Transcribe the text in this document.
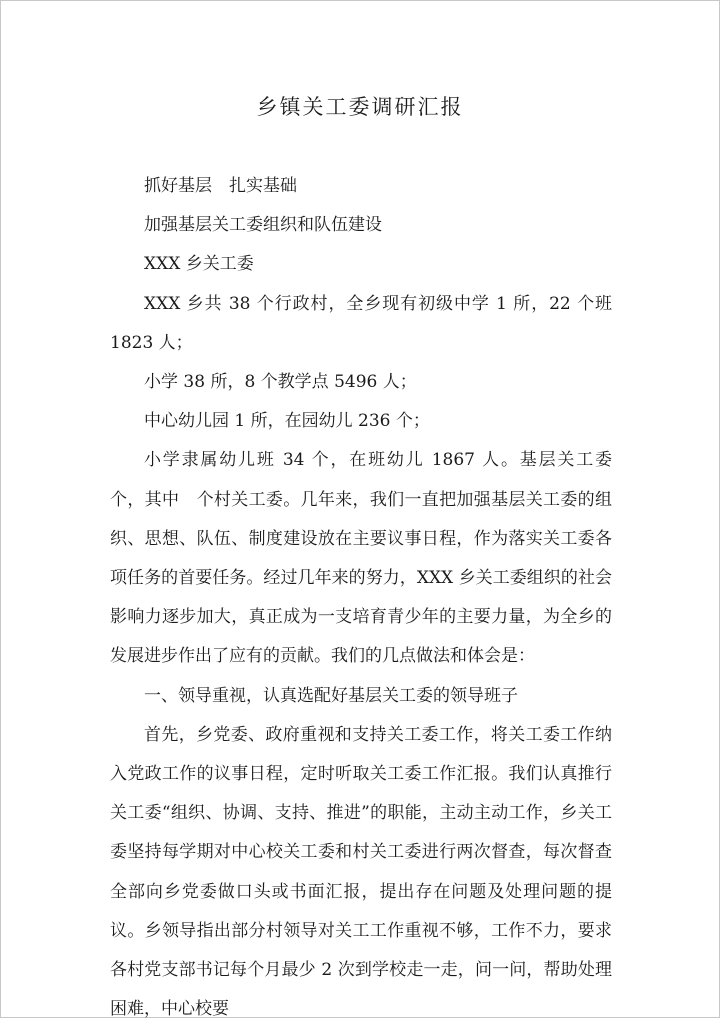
乡镇关工委调研汇报

抓好基层　扎实基础

加强基层关工委组织和队伍建设

XXX 乡关工委

XXX 乡共 38 个行政村，全乡现有初级中学 1 所，22 个班 1823 人；

小学 38 所，8 个教学点 5496 人；

中心幼儿园 1 所，在园幼儿 236 个；

小学隶属幼儿班 34 个，在班幼儿 1867 人。基层关工委　个，其中　个村关工委。几年来，我们一直把加强基层关工委的组织、思想、队伍、制度建设放在主要议事日程，作为落实关工委各项任务的首要任务。经过几年来的努力，XXX 乡关工委组织的社会影响力逐步加大，真正成为一支培育青少年的主要力量，为全乡的发展进步作出了应有的贡献。我们的几点做法和体会是：

一、领导重视，认真选配好基层关工委的领导班子

首先，乡党委、政府重视和支持关工委工作，将关工委工作纳入党政工作的议事日程，定时听取关工委工作汇报。我们认真推行关工委“组织、协调、支持、推进”的职能，主动主动工作，乡关工委坚持每学期对中心校关工委和村关工委进行两次督查，每次督查全部向乡党委做口头或书面汇报，提出存在问题及处理问题的提议。乡领导指出部分村领导对关工工作重视不够，工作不力，要求各村党支部书记每个月最少 2 次到学校走一走，问一问，帮助处理困难，中心校要
